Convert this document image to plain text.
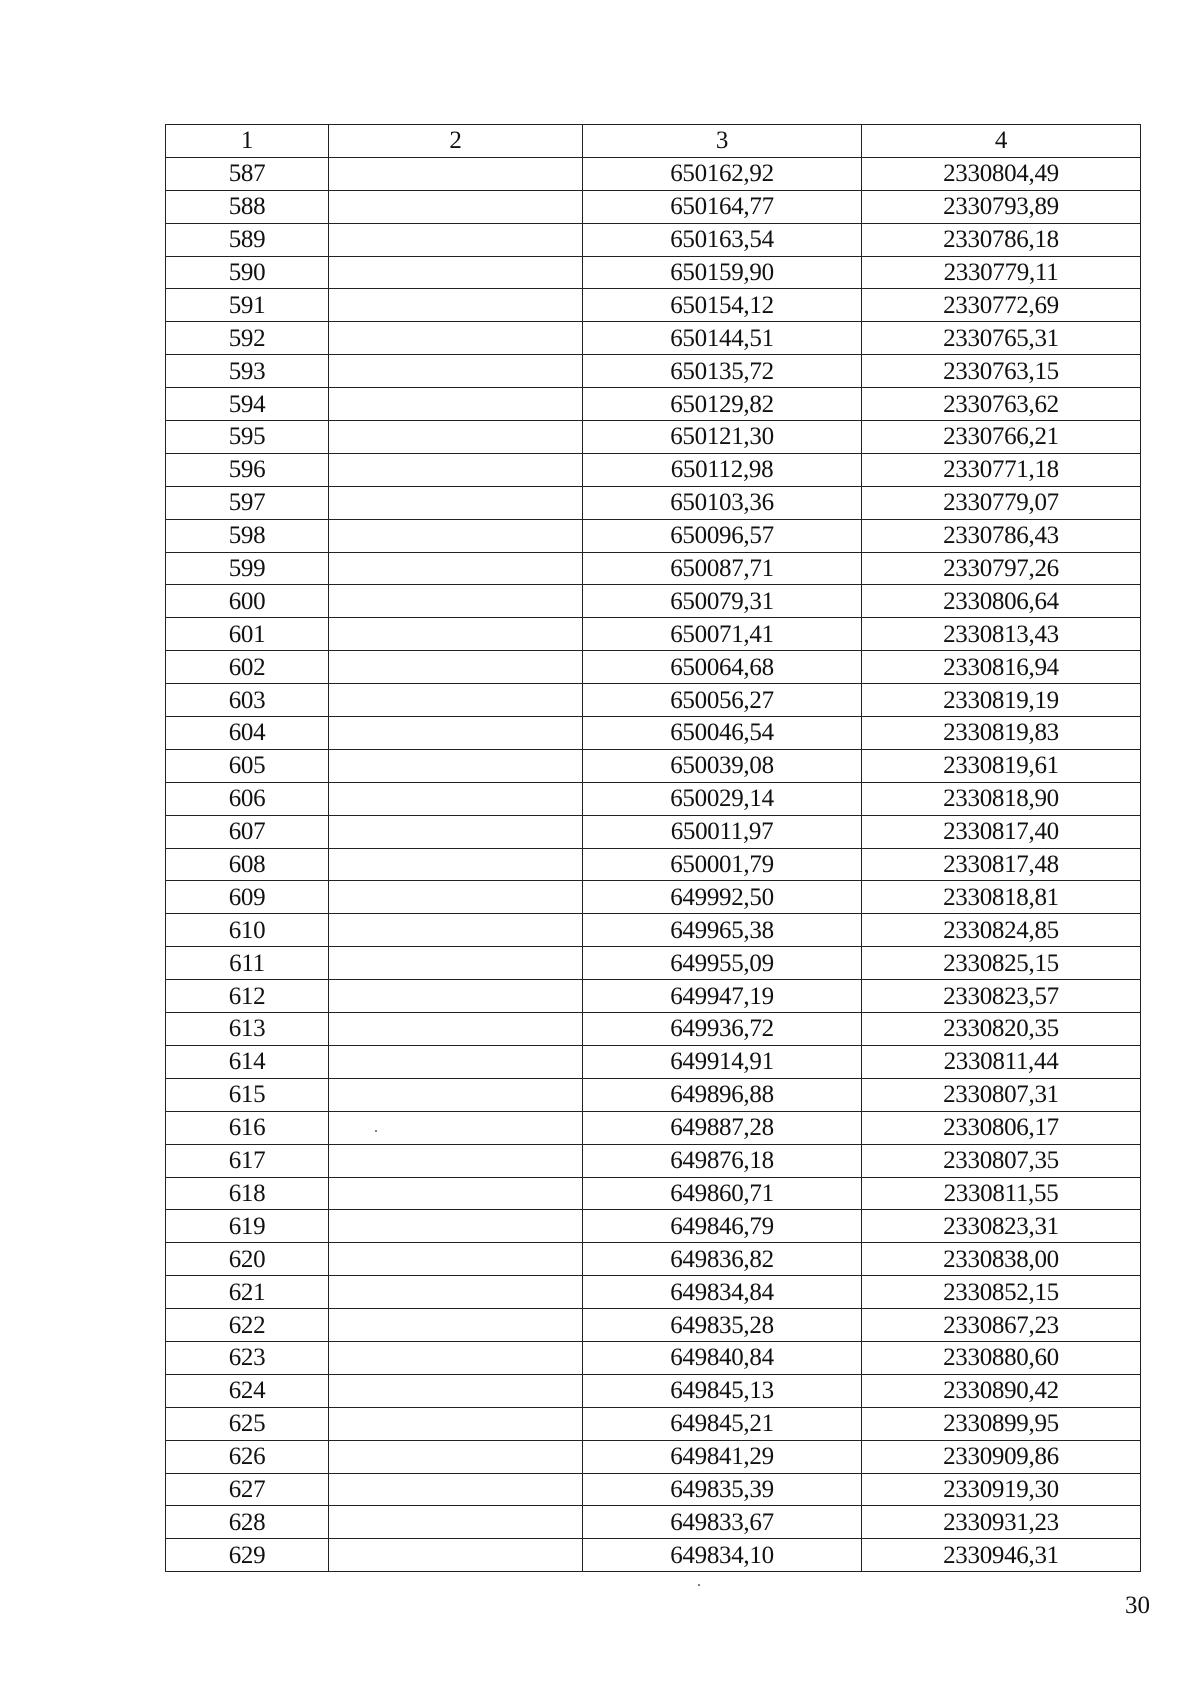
1	2	3	4
587		650162,92	2330804,49
588		650164,77	2330793,89
589		650163,54	2330786,18
590		650159,90	2330779,11
591		650154,12	2330772,69
592		650144,51	2330765,31
593		650135,72	2330763,15
594		650129,82	2330763,62
595		650121,30	2330766,21
596		650112,98	2330771,18
597		650103,36	2330779,07
598		650096,57	2330786,43
599		650087,71	2330797,26
600		650079,31	2330806,64
601		650071,41	2330813,43
602		650064,68	2330816,94
603		650056,27	2330819,19
604		650046,54	2330819,83
605		650039,08	2330819,61
606		650029,14	2330818,90
607		650011,97	2330817,40
608		650001,79	2330817,48
609		649992,50	2330818,81
610		649965,38	2330824,85
611		649955,09	2330825,15
612		649947,19	2330823,57
613		649936,72	2330820,35
614		649914,91	2330811,44
615		649896,88	2330807,31
616		649887,28	2330806,17
617		649876,18	2330807,35
618		649860,71	2330811,55
619		649846,79	2330823,31
620		649836,82	2330838,00
621		649834,84	2330852,15
622		649835,28	2330867,23
623		649840,84	2330880,60
624		649845,13	2330890,42
625		649845,21	2330899,95
626		649841,29	2330909,86
627		649835,39	2330919,30
628		649833,67	2330931,23
629		649834,10	2330946,31
30
